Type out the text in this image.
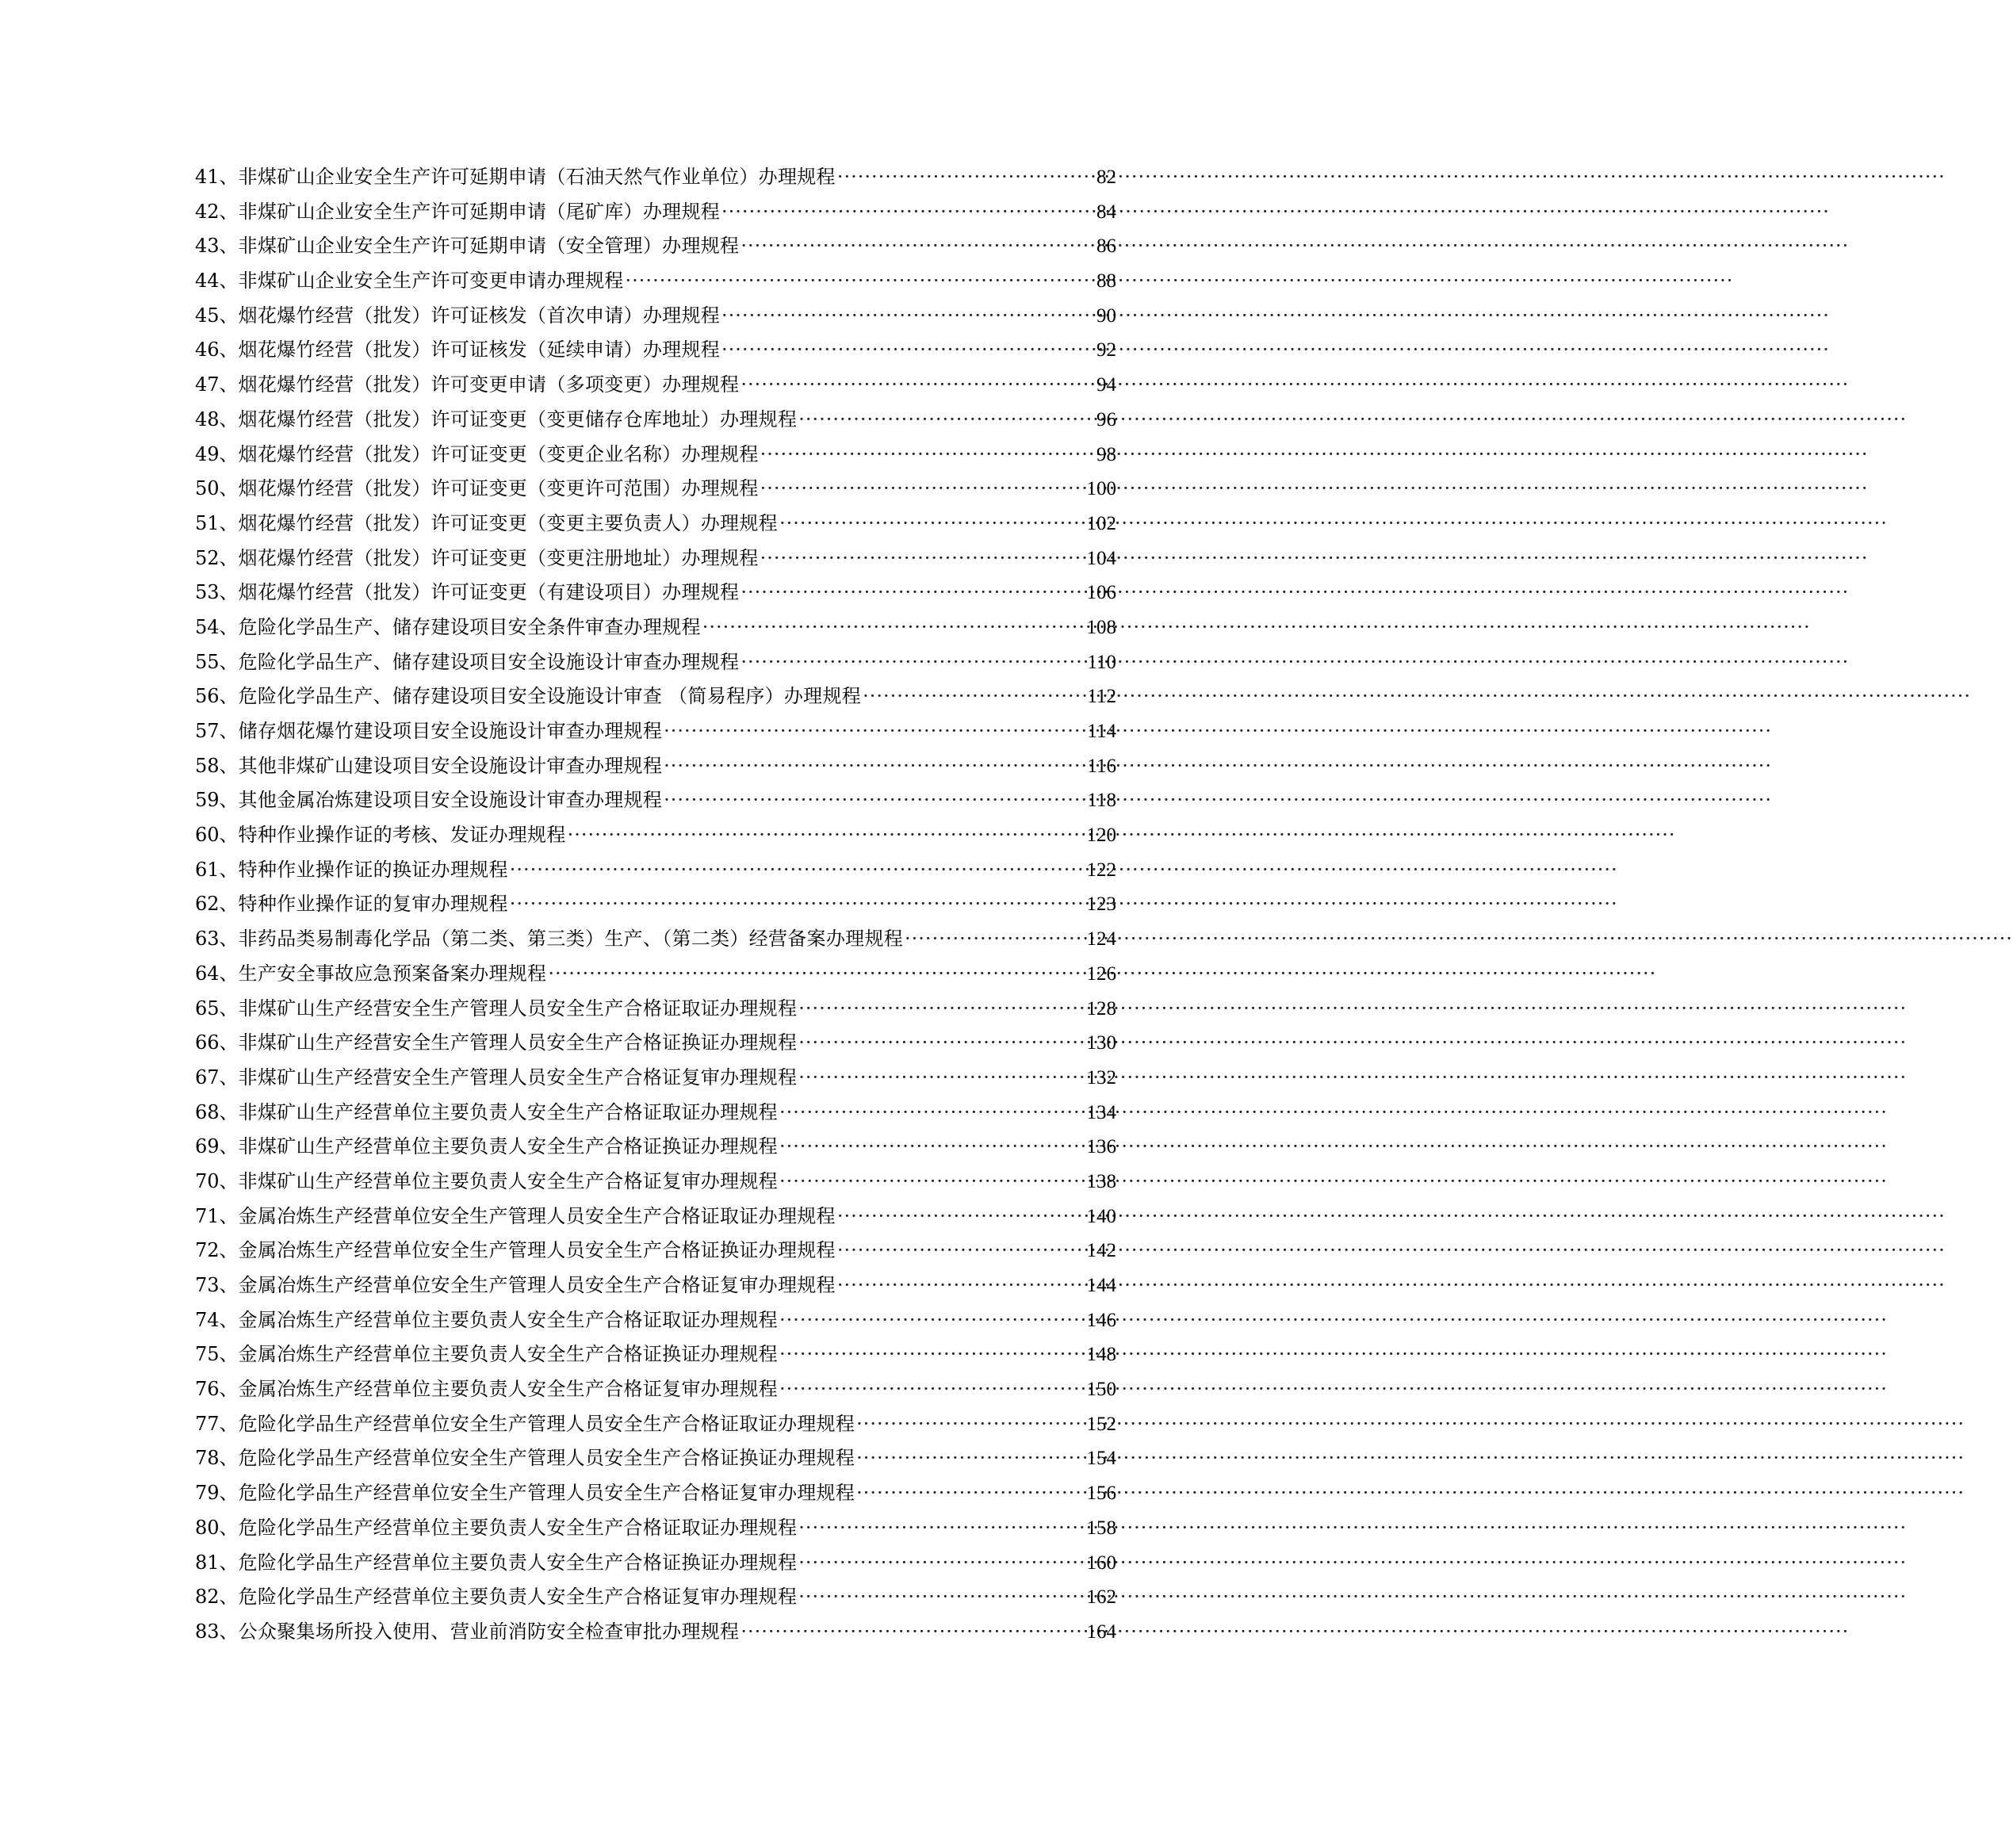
41、 非煤矿山企业安全生产许可延期申请（石油天然气作业单位）办理规程 ·····	82
42、 非煤矿山企业安全生产许可延期申请（尾矿库）办理规程 ·····	84
43、 非煤矿山企业安全生产许可延期申请（安全管理）办理规程 ·····	86
44、 非煤矿山企业安全生产许可变更申请办理规程 ·····	88
45、 烟花爆竹经营（批发）许可证核发（首次申请）办理规程 ·····	90
46、 烟花爆竹经营（批发）许可证核发（延续申请）办理规程 ·····	92
47、 烟花爆竹经营（批发）许可变更申请（多项变更）办理规程 ·····	94
48、 烟花爆竹经营（批发）许可证变更（变更储存仓库地址）办理规程 ·····	96
49、 烟花爆竹经营（批发）许可证变更（变更企业名称）办理规程 ·····	98
50、 烟花爆竹经营（批发）许可证变更（变更许可范围）办理规程 ·····	100
51、 烟花爆竹经营（批发）许可证变更（变更主要负责人）办理规程 ·····	102
52、 烟花爆竹经营（批发）许可证变更（变更注册地址）办理规程 ·····	104
53、 烟花爆竹经营（批发）许可证变更（有建设项目）办理规程 ·····	106
54、 危险化学品生产、储存建设项目安全条件审查办理规程 ·····	108
55、 危险化学品生产、储存建设项目安全设施设计审查办理规程 ·····	110
56、 危险化学品生产、储存建设项目安全设施设计审查 （简易程序）办理规程 ·····	112
57、 储存烟花爆竹建设项目安全设施设计审查办理规程 ·····	114
58、 其他非煤矿山建设项目安全设施设计审查办理规程 ·····	116
59、 其他金属冶炼建设项目安全设施设计审查办理规程 ·····	118
60、 特种作业操作证的考核、发证办理规程 ·····	120
61、 特种作业操作证的换证办理规程 ·····	122
62、 特种作业操作证的复审办理规程 ·····	123
63、 非药品类易制毒化学品（第二类、第三类）生产、（第二类）经营备案办理规程 ·····	124
64、 生产安全事故应急预案备案办理规程 ·····	126
65、 非煤矿山生产经营安全生产管理人员安全生产合格证取证办理规程 ·····	128
66、 非煤矿山生产经营安全生产管理人员安全生产合格证换证办理规程 ·····	130
67、 非煤矿山生产经营安全生产管理人员安全生产合格证复审办理规程 ·····	132
68、 非煤矿山生产经营单位主要负责人安全生产合格证取证办理规程 ·····	134
69、 非煤矿山生产经营单位主要负责人安全生产合格证换证办理规程 ·····	136
70、 非煤矿山生产经营单位主要负责人安全生产合格证复审办理规程 ·····	138
71、 金属冶炼生产经营单位安全生产管理人员安全生产合格证取证办理规程 ·····	140
72、 金属冶炼生产经营单位安全生产管理人员安全生产合格证换证办理规程 ·····	142
73、 金属冶炼生产经营单位安全生产管理人员安全生产合格证复审办理规程 ·····	144
74、 金属冶炼生产经营单位主要负责人安全生产合格证取证办理规程 ·····	146
75、 金属冶炼生产经营单位主要负责人安全生产合格证换证办理规程 ·····	148
76、 金属冶炼生产经营单位主要负责人安全生产合格证复审办理规程 ·····	150
77、 危险化学品生产经营单位安全生产管理人员安全生产合格证取证办理规程 ·····	152
78、 危险化学品生产经营单位安全生产管理人员安全生产合格证换证办理规程 ·····	154
79、 危险化学品生产经营单位安全生产管理人员安全生产合格证复审办理规程 ·····	156
80、 危险化学品生产经营单位主要负责人安全生产合格证取证办理规程 ·····	158
81、 危险化学品生产经营单位主要负责人安全生产合格证换证办理规程 ·····	160
82、 危险化学品生产经营单位主要负责人安全生产合格证复审办理规程 ·····	162
83、 公众聚集场所投入使用、营业前消防安全检查审批办理规程 ·····	164
